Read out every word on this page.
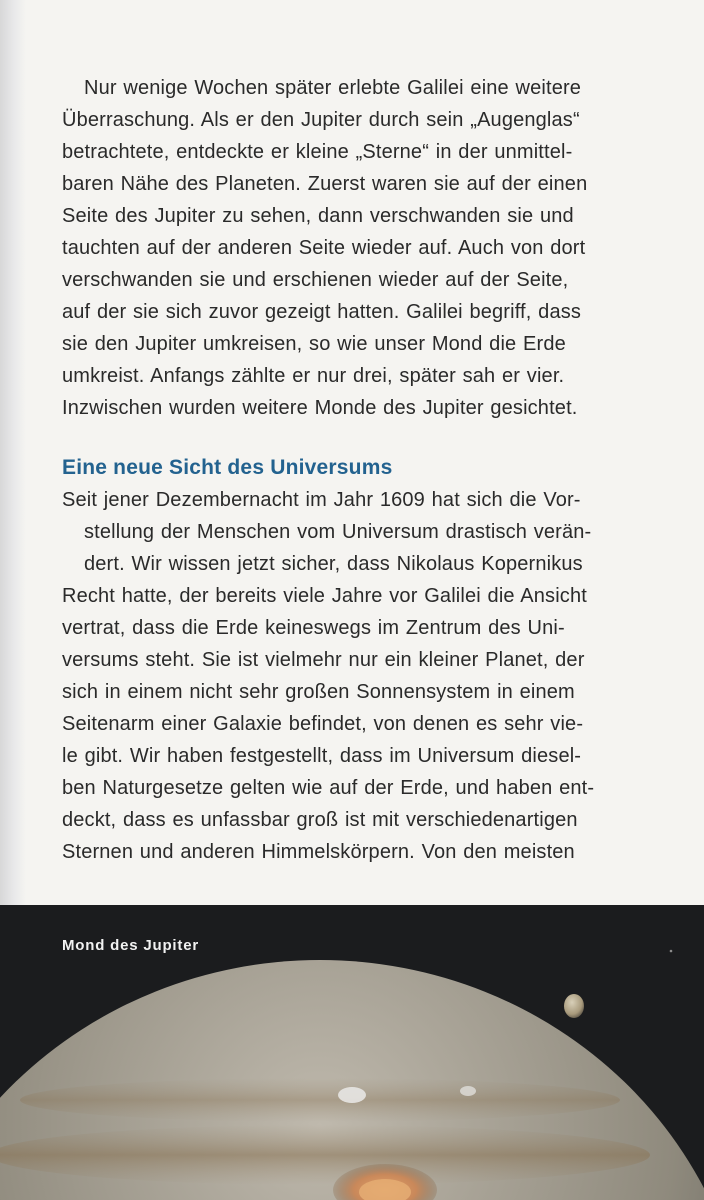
Nur wenige Wochen später erlebte Galilei eine weitere
Überraschung. Als er den Jupiter durch sein „Augenglas“
betrachtete, entdeckte er kleine „Sterne“ in der unmittel-
baren Nähe des Planeten. Zuerst waren sie auf der einen
Seite des Jupiter zu sehen, dann verschwanden sie und
tauchten auf der anderen Seite wieder auf. Auch von dort
verschwanden sie und erschienen wieder auf der Seite,
auf der sie sich zuvor gezeigt hatten. Galilei begriff, dass
sie den Jupiter umkreisen, so wie unser Mond die Erde
umkreist. Anfangs zählte er nur drei, später sah er vier.
Inzwischen wurden weitere Monde des Jupiter gesichtet.
Eine neue Sicht des Universums
Seit jener Dezembernacht im Jahr 1609 hat sich die Vor-
stellung der Menschen vom Universum drastisch verän-
dert. Wir wissen jetzt sicher, dass Nikolaus Kopernikus
Recht hatte, der bereits viele Jahre vor Galilei die Ansicht
vertrat, dass die Erde keineswegs im Zentrum des Uni-
versums steht. Sie ist vielmehr nur ein kleiner Planet, der
sich in einem nicht sehr großen Sonnensystem in einem
Seitenarm einer Galaxie befindet, von denen es sehr vie-
le gibt. Wir haben festgestellt, dass im Universum diesel-
ben Naturgesetze gelten wie auf der Erde, und haben ent-
deckt, dass es unfassbar groß ist mit verschiedenartigen
Sternen und anderen Himmelskörpern. Von den meisten
Mond des Jupiter
